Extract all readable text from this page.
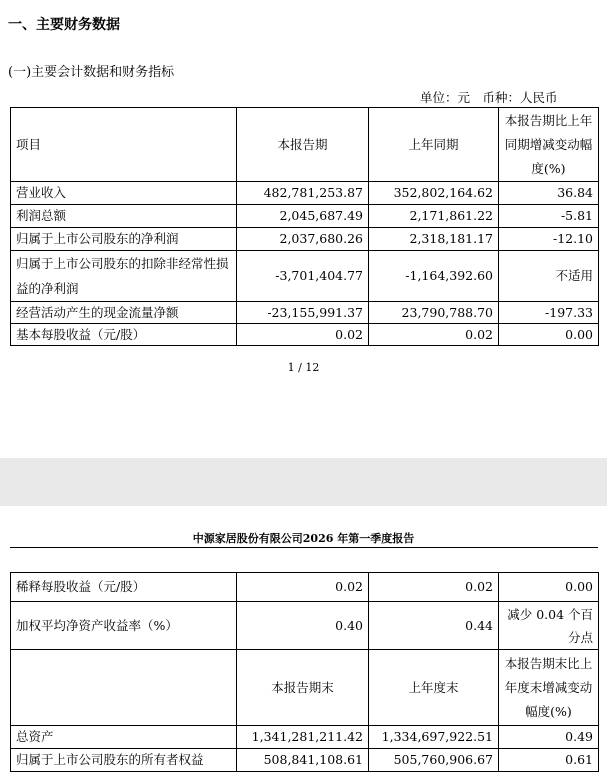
一、主要财务数据
(一)主要会计数据和财务指标
单位：元　币种：人民币
项目	本报告期	上年同期	本报告期比上年同期增减变动幅度(%)
营业收入	482,781,253.87	352,802,164.62	36.84
利润总额	2,045,687.49	2,171,861.22	-5.81
归属于上市公司股东的净利润	2,037,680.26	2,318,181.17	-12.10
归属于上市公司股东的扣除非经常性损益的净利润	-3,701,404.77	-1,164,392.60	不适用
经营活动产生的现金流量净额	-23,155,991.37	23,790,788.70	-197.33
基本每股收益（元/股）	0.02	0.02	0.00
1 / 12
中源家居股份有限公司2026 年第一季度报告
稀释每股收益（元/股）	0.02	0.02	0.00
加权平均净资产收益率（%）	0.40	0.44	减少 0.04 个百分点
	本报告期末	上年度末	本报告期末比上年度末增减变动幅度(%)
总资产	1,341,281,211.42	1,334,697,922.51	0.49
归属于上市公司股东的所有者权益	508,841,108.61	505,760,906.67	0.61
